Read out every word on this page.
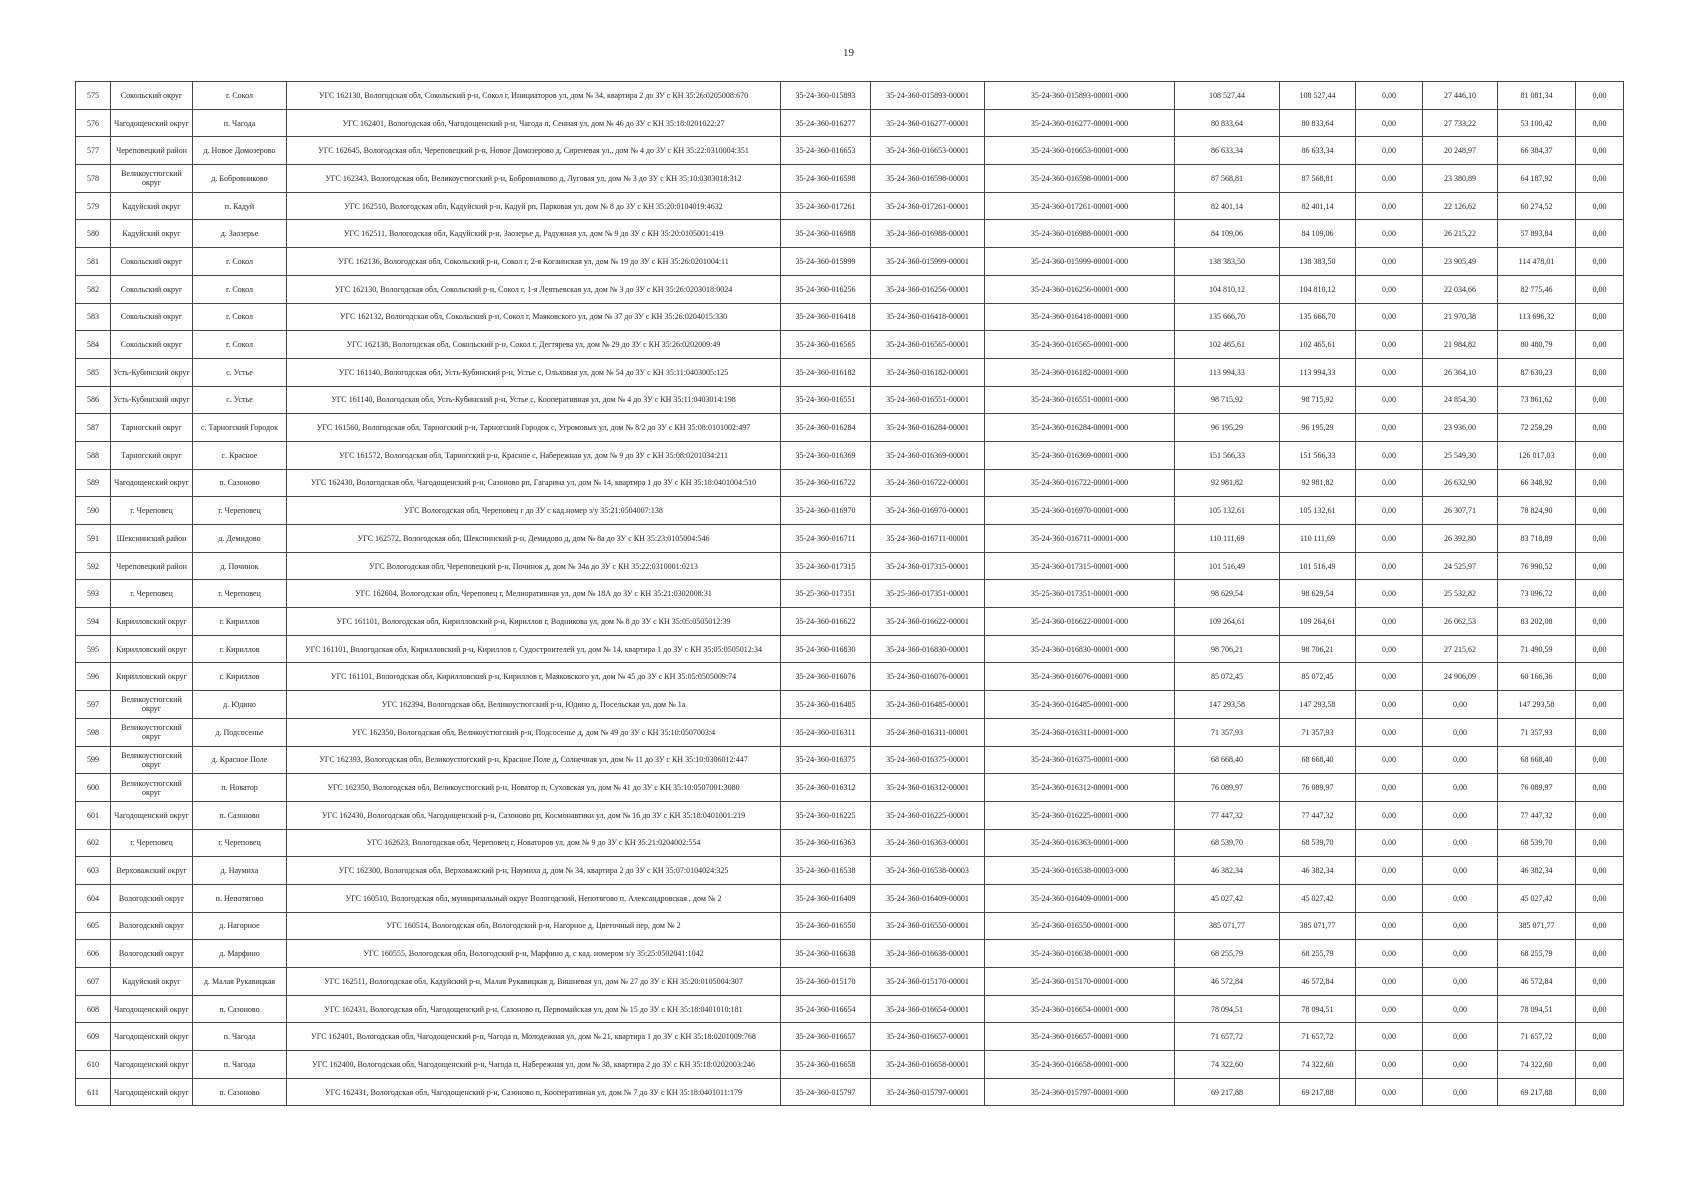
19
575	Сокольский округ	г. Сокол	УГС 162130, Вологодская обл, Сокольский р-н, Сокол г, Инициаторов ул, дом № 34, квартира 2 до ЗУ с КН 35:26:0205008:670	35-24-360-015893	35-24-360-015893-00001	35-24-360-015893-00001-000	108 527,44	108 527,44	0,00	27 446,10	81 081,34	0,00
576	Чагодощенский округ	п. Чагода	УГС 162401, Вологодская обл, Чагодощенский р-н, Чагода п, Сенная ул, дом № 46 до ЗУ с КН 35:18:0201022:27	35-24-360-016277	35-24-360-016277-00001	35-24-360-016277-00001-000	80 833,64	80 833,64	0,00	27 733,22	53 100,42	0,00
577	Череповецкий район	д. Новое Домозерово	УГС 162645, Вологодская обл, Череповецкий р-н, Новое Домозерово д, Сиреневая ул., дом № 4 до ЗУ с КН 35:22:0310004:351	35-24-360-016653	35-24-360-016653-00001	35-24-360-016653-00001-000	86 633,34	86 633,34	0,00	20 248,97	66 384,37	0,00
578	Великоустюгский округ	д. Бобровниково	УГС 162343, Вологодская обл, Великоустюгский р-н, Бобровниково д, Луговая ул, дом № 3 до ЗУ с КН 35:10:0303018:312	35-24-360-016598	35-24-360-016598-00001	35-24-360-016598-00001-000	87 568,81	87 568,81	0,00	23 380,89	64 187,92	0,00
579	Кадуйский округ	п. Кадуй	УГС 162510, Вологодская обл, Кадуйский р-н, Кадуй рп, Парковая ул, дом № 8 до ЗУ с КН 35:20:0104019:4632	35-24-360-017261	35-24-360-017261-00001	35-24-360-017261-00001-000	82 401,14	82 401,14	0,00	22 126,62	60 274,52	0,00
580	Кадуйский округ	д. Заозерье	УГС 162511, Вологодская обл, Кадуйский р-н, Заозерье д, Радужная ул, дом № 9 до ЗУ с КН 35:20:0105001:419	35-24-360-016988	35-24-360-016988-00001	35-24-360-016988-00001-000	84 109,06	84 109,06	0,00	26 215,22	57 893,84	0,00
581	Сокольский округ	г. Сокол	УГС 162136, Вологодская обл, Сокольский р-н, Сокол г, 2-я Когаинская ул, дом № 19 до ЗУ с КН 35:26:0201004:11	35-24-360-015999	35-24-360-015999-00001	35-24-360-015999-00001-000	138 383,50	138 383,50	0,00	23 905,49	114 478,01	0,00
582	Сокольский округ	г. Сокол	УГС 162130, Вологодская обл, Сокольский р-н, Сокол г, 1-я Леятьевская ул, дом № 3 до ЗУ с КН 35:26:0203018:0024	35-24-360-016256	35-24-360-016256-00001	35-24-360-016256-00001-000	104 810,12	104 810,12	0,00	22 034,66	82 775,46	0,00
583	Сокольский округ	г. Сокол	УГС 162132, Вологодская обл, Сокольский р-н, Сокол г, Маяковского ул, дом № 37 до ЗУ с КН 35:26:0204015:330	35-24-360-016418	35-24-360-016418-00001	35-24-360-016418-00001-000	135 666,70	135 666,70	0,00	21 970,38	113 696,32	0,00
584	Сокольский округ	г. Сокол	УГС 162138, Вологодская обл, Сокольский р-н, Сокол г, Дегтярева ул, дом № 29 до ЗУ с КН 35:26:0202009:49	35-24-360-016565	35-24-360-016565-00001	35-24-360-016565-00001-000	102 465,61	102 465,61	0,00	21 984,82	80 480,79	0,00
585	Усть-Кубинский округ	с. Устье	УГС 161140, Вологодская обл, Усть-Кубинский р-н, Устье с, Ольховая ул, дом № 54 до ЗУ с КН 35:11:0403005:125	35-24-360-016182	35-24-360-016182-00001	35-24-360-016182-00001-000	113 994,33	113 994,33	0,00	26 364,10	87 630,23	0,00
586	Усть-Кубинский округ	с. Устье	УГС 161140, Вологодская обл, Усть-Кубинский р-н, Устье с, Кооперативная ул, дом № 4 до ЗУ с КН 35:11:0403014:198	35-24-360-016551	35-24-360-016551-00001	35-24-360-016551-00001-000	98 715,92	98 715,92	0,00	24 854,30	73 861,62	0,00
587	Тарногский округ	с. Тарногский Городок	УГС 161560, Вологодская обл, Тарногский р-н, Тарногский Городок с, Угромовых ул, дом № 8/2 до ЗУ с КН 35:08:0101002:497	35-24-360-016284	35-24-360-016284-00001	35-24-360-016284-00001-000	96 195,29	96 195,29	0,00	23 936,00	72 259,29	0,00
588	Тарногский округ	с. Красное	УГС 161572, Вологодская обл, Тарногский р-н, Красное с, Набережная ул, дом № 9 до ЗУ с КН 35:08:0201034:211	35-24-360-016369	35-24-360-016369-00001	35-24-360-016369-00001-000	151 566,33	151 566,33	0,00	25 549,30	126 017,03	0,00
589	Чагодощенский округ	п. Сазоново	УГС 162430, Вологодская обл, Чагодощенский р-н, Сазоново рп, Гагарина ул, дом № 14, квартира 1 до ЗУ с КН 35:18:0401004:510	35-24-360-016722	35-24-360-016722-00001	35-24-360-016722-00001-000	92 981,82	92 981,82	0,00	26 632,90	66 348,92	0,00
590	г. Череповец	г. Череповец	УГС Вологодская обл, Череповец г до ЗУ с кад.номер з/у 35:21:0504007:138	35-24-360-016970	35-24-360-016970-00001	35-24-360-016970-00001-000	105 132,61	105 132,61	0,00	26 307,71	78 824,90	0,00
591	Шекснинский район	д. Демидово	УГС 162572, Вологодская обл, Шекснинский р-н, Демидово д, дом № 8а до ЗУ с КН 35:23:0105004:546	35-24-360-016711	35-24-360-016711-00001	35-24-360-016711-00001-000	110 111,69	110 111,69	0,00	26 392,80	83 718,89	0,00
592	Череповецкий район	д. Починок	УГС Вологодская обл, Череповецкий р-н, Починок д, дом № 34а до ЗУ с КН 35:22:0310001:0213	35-24-360-017315	35-24-360-017315-00001	35-24-360-017315-00001-000	101 516,49	101 516,49	0,00	24 525,97	76 990,52	0,00
593	г. Череповец	г. Череповец	УГС 162604, Вологодская обл, Череповец г, Мелиоративная ул, дом № 18А до ЗУ с КН 35:21:0302008:31	35-25-360-017351	35-25-360-017351-00001	35-25-360-017351-00001-000	98 629,54	98 629,54	0,00	25 532,82	73 096,72	0,00
594	Кирилловский округ	г. Кириллов	УГС 161101, Вологодская обл, Кирилловский р-н, Кириллов г, Водникова ул, дом № 8 до ЗУ с КН 35:05:0505012:39	35-24-360-016622	35-24-360-016622-00001	35-24-360-016622-00001-000	109 264,61	109 264,61	0,00	26 062,53	83 202,08	0,00
595	Кирилловский округ	г. Кириллов	УГС 161101, Вологодская обл, Кирилловский р-н, Кириллов г, Судостроителей ул, дом № 14, квартира 1 до ЗУ с КН 35:05:0505012:34	35-24-360-016830	35-24-360-016830-00001	35-24-360-016830-00001-000	98 706,21	98 706,21	0,00	27 215,62	71 490,59	0,00
596	Кирилловский округ	г. Кириллов	УГС 161101, Вологодская обл, Кирилловский р-н, Кириллов г, Маяковского ул, дом № 45 до ЗУ с КН 35:05:0505009:74	35-24-360-016076	35-24-360-016076-00001	35-24-360-016076-00001-000	85 072,45	85 072,45	0,00	24 906,09	60 166,36	0,00
597	Великоустюгский округ	д. Юдино	УГС 162394, Вологодская обл, Великоустюгский р-н, Юдино д, Посельская ул, дом № 1а	35-24-360-016485	35-24-360-016485-00001	35-24-360-016485-00001-000	147 293,58	147 293,58	0,00	0,00	147 293,58	0,00
598	Великоустюгский округ	д. Подсосенье	УГС 162350, Вологодская обл, Великоустюгский р-н, Подсосенье д, дом № 49 до ЗУ с КН 35:10:0507003:4	35-24-360-016311	35-24-360-016311-00001	35-24-360-016311-00001-000	71 357,93	71 357,93	0,00	0,00	71 357,93	0,00
599	Великоустюгский округ	д. Красное Поле	УГС 162393, Вологодская обл, Великоустюгский р-н, Красное Поле д, Солнечная ул, дом № 11 до ЗУ с КН 35:10:0306012:447	35-24-360-016375	35-24-360-016375-00001	35-24-360-016375-00001-000	68 668,40	68 668,40	0,00	0,00	68 668,40	0,00
600	Великоустюгский округ	п. Новатор	УГС 162350, Вологодская обл, Великоустюгский р-н, Новатор п, Суховская ул, дом № 41 до ЗУ с КН 35:10:0507001:3080	35-24-360-016312	35-24-360-016312-00001	35-24-360-016312-00001-000	76 089,97	76 089,97	0,00	0,00	76 089,97	0,00
601	Чагодощенский округ	п. Сазоново	УГС 162430, Вологодская обл, Чагодощенский р-н, Сазоново рп, Космонавтики ул, дом № 16 до ЗУ с КН 35:18:0401001:219	35-24-360-016225	35-24-360-016225-00001	35-24-360-016225-00001-000	77 447,32	77 447,32	0,00	0,00	77 447,32	0,00
602	г. Череповец	г. Череповец	УГС 162623, Вологодская обл, Череповец г, Новаторов ул, дом № 9 до ЗУ с КН 35:21:0204002:554	35-24-360-016363	35-24-360-016363-00001	35-24-360-016363-00001-000	68 539,70	68 539,70	0,00	0,00	68 539,70	0,00
603	Верховажский округ	д. Наумиха	УГС 162300, Вологодская обл, Верховажский р-н, Наумиха д, дом № 34, квартира 2 до ЗУ с КН 35:07:0104024:325	35-24-360-016538	35-24-360-016538-00003	35-24-360-016538-00003-000	46 382,34	46 382,34	0,00	0,00	46 382,34	0,00
604	Вологодский округ	п. Непотягово	УГС 160510, Вологодская обл, муниципальный округ Вологодский, Непотягово п, Александровская , дом № 2	35-24-360-016409	35-24-360-016409-00001	35-24-360-016409-00001-000	45 027,42	45 027,42	0,00	0,00	45 027,42	0,00
605	Вологодский округ	д. Нагорное	УГС 160514, Вологодская обл, Вологодский р-н, Нагорное д, Цветочный пер, дом № 2	35-24-360-016550	35-24-360-016550-00001	35-24-360-016550-00001-000	385 071,77	385 071,77	0,00	0,00	385 071,77	0,00
606	Вологодский округ	д. Марфино	УГС 160555, Вологодская обл, Вологодский р-н, Марфино д, с кад. номером з/у 35:25:0502041:1042	35-24-360-016638	35-24-360-016638-00001	35-24-360-016638-00001-000	68 255,79	68 255,79	0,00	0,00	68 255,79	0,00
607	Кадуйский округ	д. Малая Рукавицкая	УГС 162511, Вологодская обл, Кадуйский р-н, Малая Рукавицкая д, Вишневая ул, дом № 27 до ЗУ с КН 35:20:0105004:307	35-24-360-015170	35-24-360-015170-00001	35-24-360-015170-00001-000	46 572,84	46 572,84	0,00	0,00	46 572,84	0,00
608	Чагодощенский округ	п. Сазоново	УГС 162431, Вологодская обл, Чагодощенский р-н, Сазоново п, Первомайская ул, дом № 15 до ЗУ с КН 35:18:0401010:181	35-24-360-016654	35-24-360-016654-00001	35-24-360-016654-00001-000	78 094,51	78 094,51	0,00	0,00	78 094,51	0,00
609	Чагодощенский округ	п. Чагода	УГС 162401, Вологодская обл, Чагодощенский р-н, Чагода п, Молодежная ул, дом № 21, квартира 1 до ЗУ с КН 35:18:0201009:768	35-24-360-016657	35-24-360-016657-00001	35-24-360-016657-00001-000	71 657,72	71 657,72	0,00	0,00	71 657,72	0,00
610	Чагодощенский округ	п. Чагода	УГС 162400, Вологодская обл, Чагодощенский р-н, Чагода п, Набережная ул, дом № 38, квартира 2 до ЗУ с КН 35:18:0202003:246	35-24-360-016658	35-24-360-016658-00001	35-24-360-016658-00001-000	74 322,60	74 322,60	0,00	0,00	74 322,60	0,00
611	Чагодощенский округ	п. Сазоново	УГС 162431, Вологодская обл, Чагодощенский р-н, Сазоново п, Кооперативная ул, дом № 7 до ЗУ с КН 35:18:0401011:179	35-24-360-015797	35-24-360-015797-00001	35-24-360-015797-00001-000	69 217,88	69 217,88	0,00	0,00	69 217,88	0,00
